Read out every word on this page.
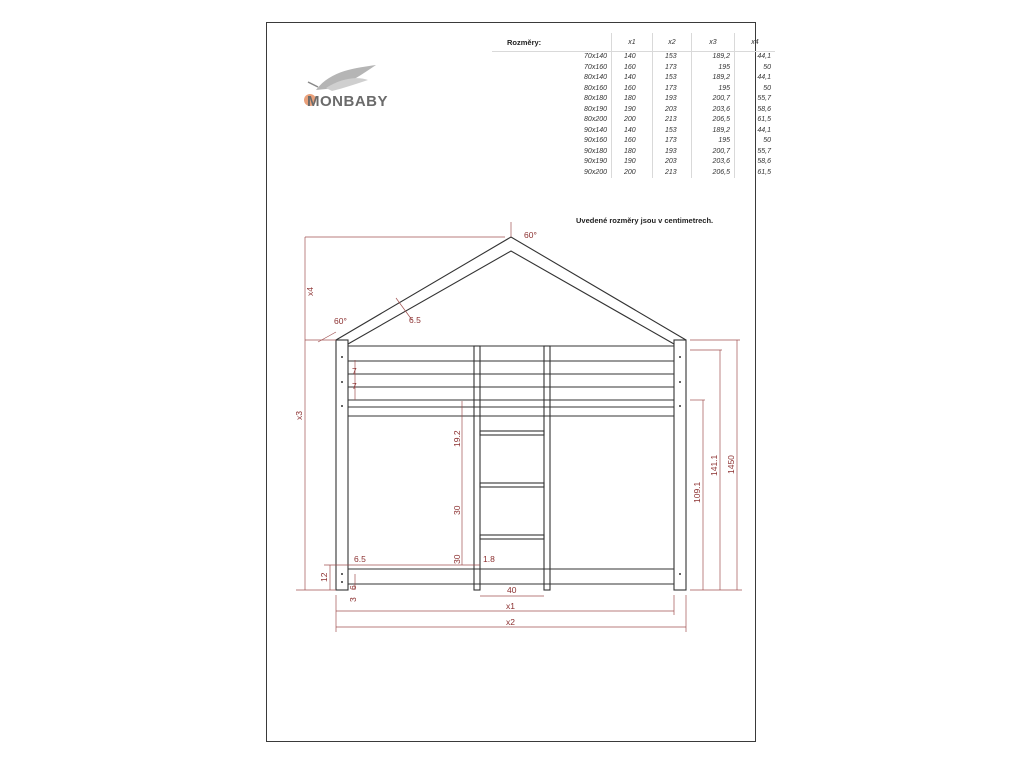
MONBABY
Rozměry:	x1	x2	x3	x4
70x140	140	153	189,2	44,1
70x160	160	173	195	50
80x140	140	153	189,2	44,1
80x160	160	173	195	50
80x180	180	193	200,7	55,7
80x190	190	203	203,6	58,6
80x200	200	213	206,5	61,5
90x140	140	153	189,2	44,1
90x160	160	173	195	50
90x180	180	193	200,7	55,7
90x190	190	203	203,6	58,6
90x200	200	213	206,5	61,5
Uvedené rozměry jsou v centimetrech.
60°
60°	6.5
7
7
x4
x3
19.2
30
30 1.8
6.5
12
6
3
40
x1
x2
109.1
141.1 1450
